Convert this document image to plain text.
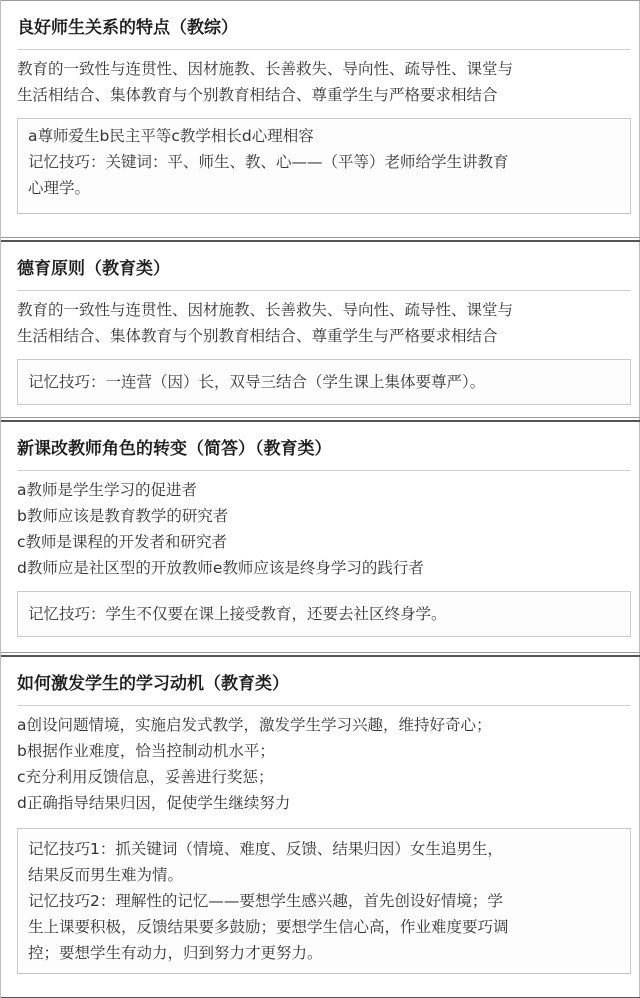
良好师生关系的特点（教综）
教育的一致性与连贯性、因材施教、长善救失、导向性、疏导性、课堂与
生活相结合、集体教育与个别教育相结合、尊重学生与严格要求相结合
a尊师爱生b民主平等c教学相长d心理相容
记忆技巧：关键词：平、师生、教、心——（平等）老师给学生讲教育
心理学。
德育原则（教育类）
教育的一致性与连贯性、因材施教、长善救失、导向性、疏导性、课堂与
生活相结合、集体教育与个别教育相结合、尊重学生与严格要求相结合
记忆技巧：一连营（因）长，双导三结合（学生课上集体要尊严）。
新课改教师角色的转变（简答）（教育类）
a教师是学生学习的促进者
b教师应该是教育教学的研究者
c教师是课程的开发者和研究者
d教师应是社区型的开放教师e教师应该是终身学习的践行者
记忆技巧：学生不仅要在课上接受教育，还要去社区终身学。
如何激发学生的学习动机（教育类）
a创设问题情境，实施启发式教学，激发学生学习兴趣，维持好奇心；
b根据作业难度，恰当控制动机水平；
c充分利用反馈信息，妥善进行奖惩；
d正确指导结果归因，促使学生继续努力
记忆技巧1：抓关键词（情境、难度、反馈、结果归因）女生追男生，
结果反而男生难为情。
记忆技巧2：理解性的记忆——要想学生感兴趣，首先创设好情境；学
生上课要积极，反馈结果要多鼓励；要想学生信心高，作业难度要巧调
控；要想学生有动力，归到努力才更努力。
